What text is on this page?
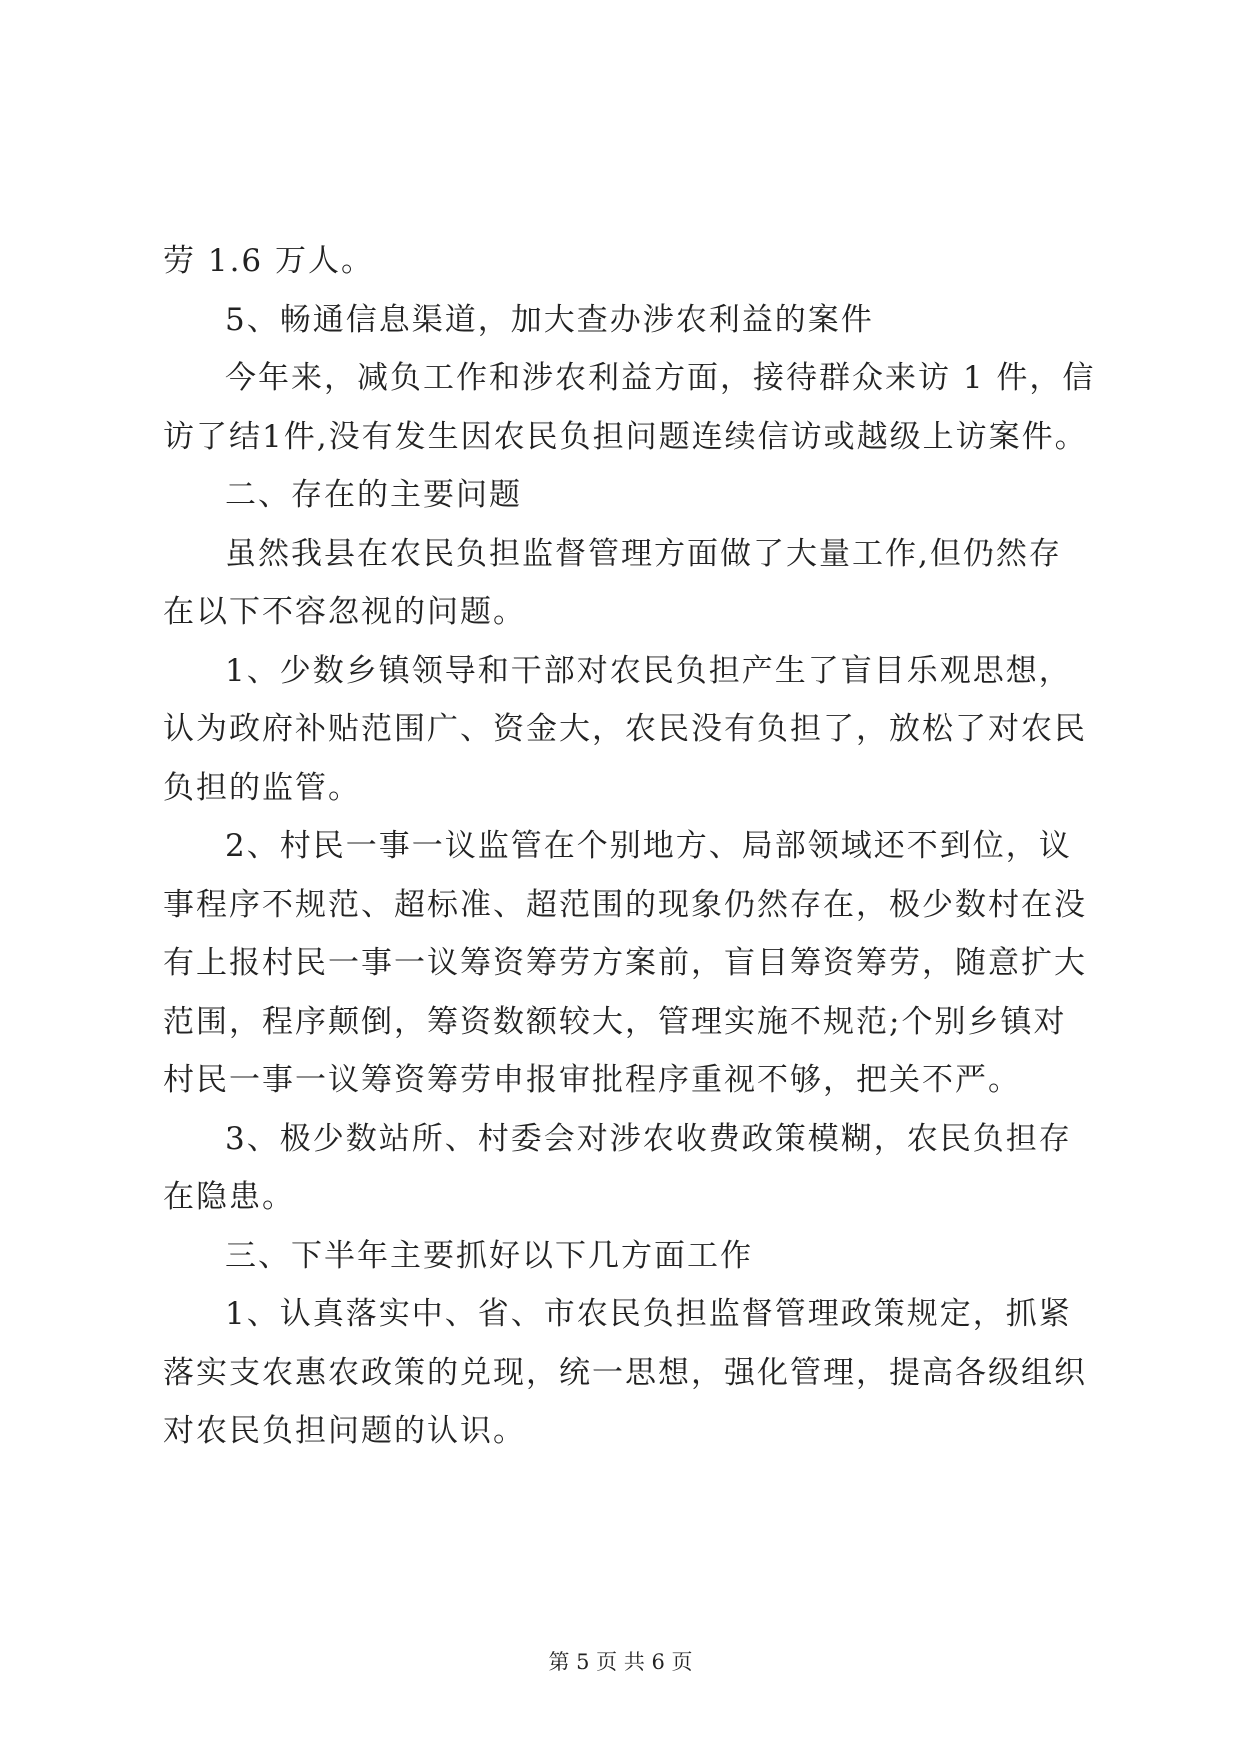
劳 1.6 万人。
5、畅通信息渠道，加大查办涉农利益的案件
今年来，减负工作和涉农利益方面，接待群众来访 1 件，信
访了结1件,没有发生因农民负担问题连续信访或越级上访案件。
二、存在的主要问题
虽然我县在农民负担监督管理方面做了大量工作,但仍然存
在以下不容忽视的问题。
1、少数乡镇领导和干部对农民负担产生了盲目乐观思想，
认为政府补贴范围广、资金大，农民没有负担了，放松了对农民
负担的监管。
2、村民一事一议监管在个别地方、局部领域还不到位，议
事程序不规范、超标准、超范围的现象仍然存在，极少数村在没
有上报村民一事一议筹资筹劳方案前，盲目筹资筹劳，随意扩大
范围，程序颠倒，筹资数额较大，管理实施不规范;个别乡镇对
村民一事一议筹资筹劳申报审批程序重视不够，把关不严。
3、极少数站所、村委会对涉农收费政策模糊，农民负担存
在隐患。
三、下半年主要抓好以下几方面工作
1、认真落实中、省、市农民负担监督管理政策规定，抓紧
落实支农惠农政策的兑现，统一思想，强化管理，提高各级组织
对农民负担问题的认识。
第 5 页 共 6 页
